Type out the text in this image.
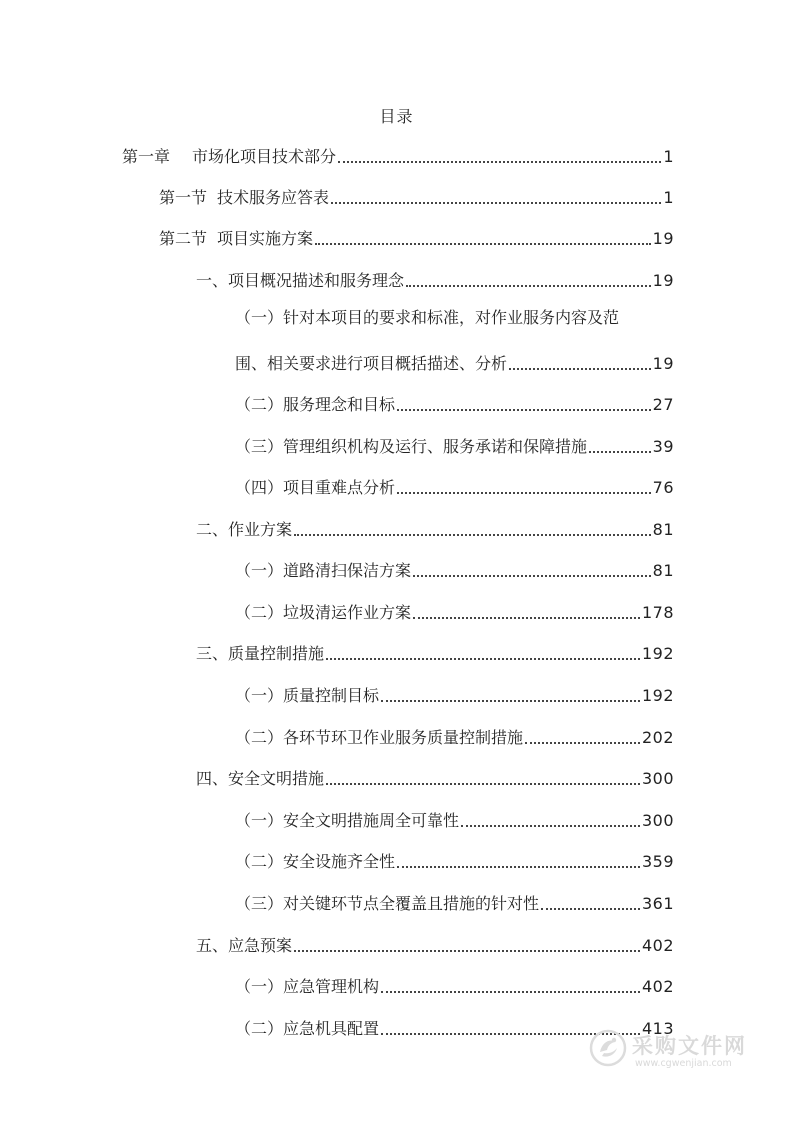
目录
第一章 市场化项目技术部分	1
第一节 技术服务应答表	1
第二节 项目实施方案	19
一、项目概况描述和服务理念	19
（一）针对本项目的要求和标准，对作业服务内容及范
围、相关要求进行项目概括描述、分析	19
（二）服务理念和目标	27
（三）管理组织机构及运行、服务承诺和保障措施	39
（四）项目重难点分析	76
二、作业方案	81
（一）道路清扫保洁方案	81
（二）垃圾清运作业方案	178
三、质量控制措施	192
（一）质量控制目标	192
（二）各环节环卫作业服务质量控制措施	202
四、安全文明措施	300
（一）安全文明措施周全可靠性	300
（二）安全设施齐全性	359
（三）对关键环节点全覆盖且措施的针对性	361
五、应急预案	402
（一）应急管理机构	402
（二）应急机具配置	413
采购文件网
www.cgwenjian.com
